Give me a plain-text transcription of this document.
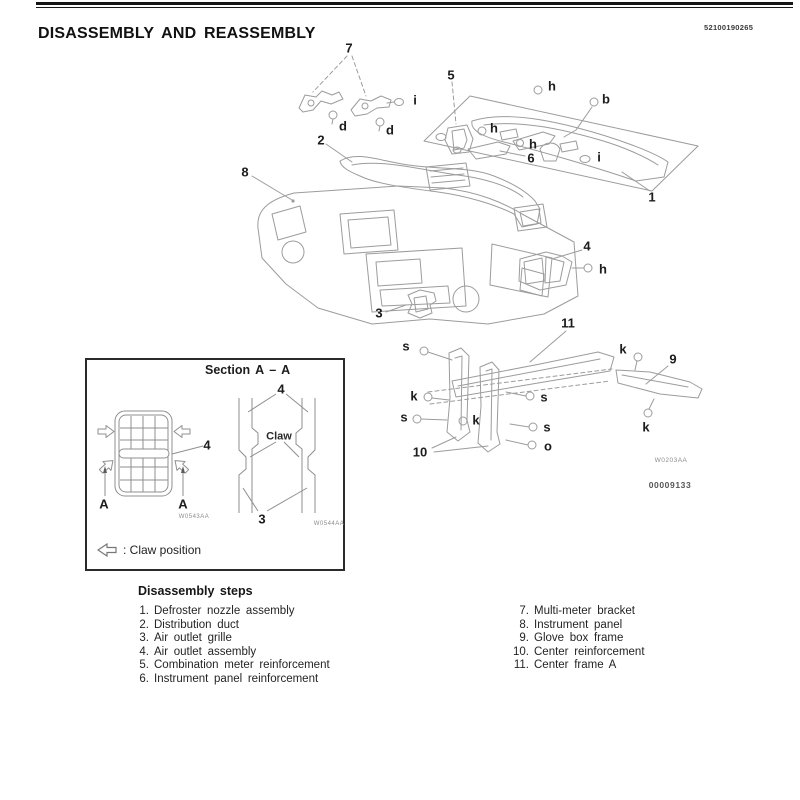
DISASSEMBLY AND REASSEMBLY	52100190265
Section A – A
: Claw position
7
5
h
b
i
d	d
2
h
h
6	i
1
8
4
h
3
11
s	k
9
k	s
s	k	s	k
o
10
W0203AA
00009133
4
A	A
4
Claw
3
W0543AA
W0544AA
Disassembly steps
1. Defroster nozzle assembly
2. Distribution duct
3. Air outlet grille
4. Air outlet assembly
5. Combination meter reinforcement
6. Instrument panel reinforcement
7. Multi-meter bracket
8. Instrument panel
9. Glove box frame
10. Center reinforcement
11. Center frame A
